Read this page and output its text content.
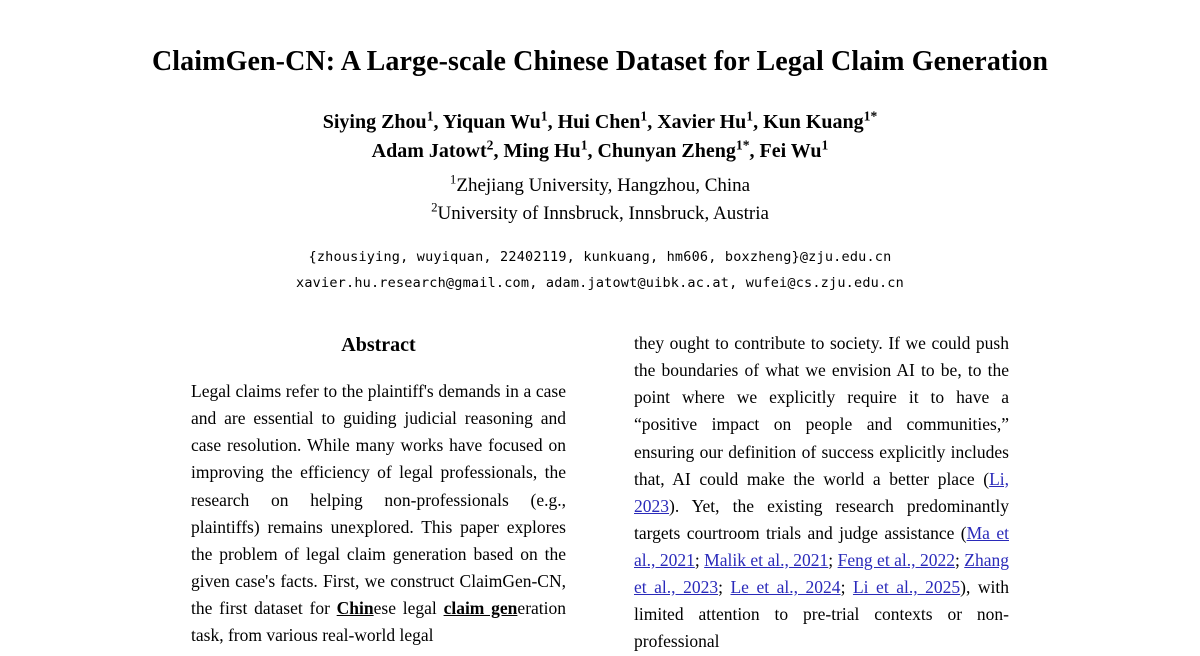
ClaimGen-CN: A Large-scale Chinese Dataset for Legal Claim Generation
Siying Zhou$^1$, Yiquan Wu$^1$, Hui Chen$^1$, Xavier Hu$^1$, Kun Kuang$^{1*}$
Adam Jatowt$^2$, Ming Hu$^1$, Chunyan Zheng$^{1*}$, Fei Wu$^1$
$^1$Zhejiang University, Hangzhou, China
$^2$University of Innsbruck, Innsbruck, Austria
{zhousiying, wuyiquan, 22402119, kunkuang, hm606, boxzheng}@zju.edu.cn
xavier.hu.research@gmail.com, adam.jatowt@uibk.ac.at, wufei@cs.zju.edu.cn
Abstract

Legal claims refer to the plaintiff's demands in a case and are essential to guiding judicial reasoning and case resolution. While many works have focused on improving the efficiency of legal professionals, the research on helping non-professionals (e.g., plaintiffs) remains unexplored. This paper explores the problem of legal claim generation based on the given case's facts. First, we construct ClaimGen-CN, the first dataset for Chinese legal claim generation task, from various real-world legal

they ought to contribute to society. If we could push the boundaries of what we envision AI to be, to the point where we explicitly require it to have a “positive impact on people and communities,” ensuring our definition of success explicitly includes that, AI could make the world a better place (Li, 2023). Yet, the existing research predominantly targets courtroom trials and judge assistance (Ma et al., 2021; Malik et al., 2021; Feng et al., 2022; Zhang et al., 2023; Le et al., 2024; Li et al., 2025), with limited attention to pre-trial contexts or non-professional
